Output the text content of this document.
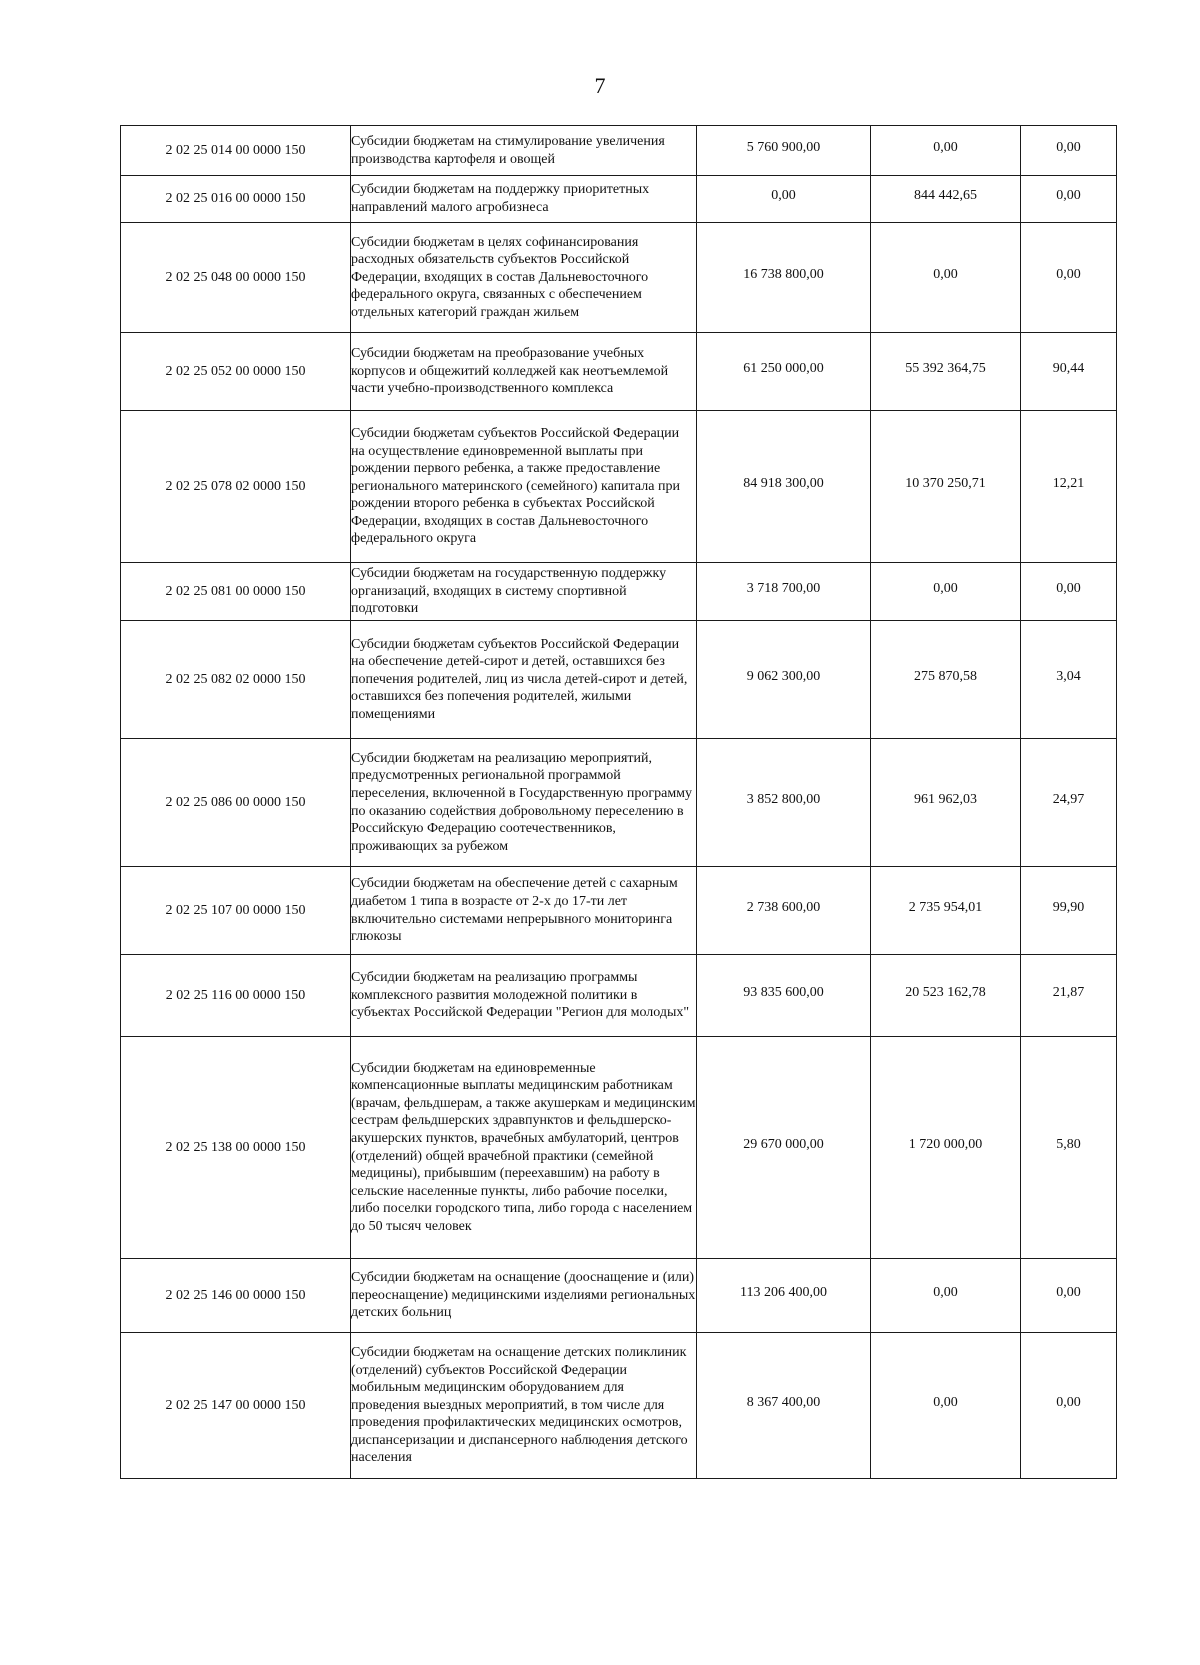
7
2 02 25 014 00 0000 150	Субсидии бюджетам на стимулирование увеличения производства картофеля и овощей	5 760 900,00	0,00	0,00
2 02 25 016 00 0000 150	Субсидии бюджетам на поддержку приоритетных направлений малого агробизнеса	0,00	844 442,65	0,00
2 02 25 048 00 0000 150	Субсидии бюджетам в целях софинансирования расходных обязательств субъектов Российской Федерации, входящих в состав Дальневосточного федерального округа, связанных с обеспечением отдельных категорий граждан жильем	16 738 800,00	0,00	0,00
2 02 25 052 00 0000 150	Субсидии бюджетам на преобразование учебных корпусов и общежитий колледжей как неотъемлемой части учебно-производственного комплекса	61 250 000,00	55 392 364,75	90,44
2 02 25 078 02 0000 150	Субсидии бюджетам субъектов Российской Федерации на осуществление единовременной выплаты при рождении первого ребенка, а также предоставление регионального материнского (семейного) капитала при рождении второго ребенка в субъектах Российской Федерации, входящих в состав Дальневосточного федерального округа	84 918 300,00	10 370 250,71	12,21
2 02 25 081 00 0000 150	Субсидии бюджетам на государственную поддержку организаций, входящих в систему спортивной подготовки	3 718 700,00	0,00	0,00
2 02 25 082 02 0000 150	Субсидии бюджетам субъектов Российской Федерации на обеспечение детей-сирот и детей, оставшихся без попечения родителей, лиц из числа детей-сирот и детей, оставшихся без попечения родителей, жилыми помещениями	9 062 300,00	275 870,58	3,04
2 02 25 086 00 0000 150	Субсидии бюджетам на реализацию мероприятий, предусмотренных региональной программой переселения, включенной в Государственную программу по оказанию содействия добровольному переселению в Российскую Федерацию соотечественников, проживающих за рубежом	3 852 800,00	961 962,03	24,97
2 02 25 107 00 0000 150	Субсидии бюджетам на обеспечение детей с сахарным диабетом 1 типа в возрасте от 2-х до 17-ти лет включительно системами непрерывного мониторинга глюкозы	2 738 600,00	2 735 954,01	99,90
2 02 25 116 00 0000 150	Субсидии бюджетам на реализацию программы комплексного развития молодежной политики в субъектах Российской Федерации "Регион для молодых"	93 835 600,00	20 523 162,78	21,87
2 02 25 138 00 0000 150	Субсидии бюджетам на единовременные компенсационные выплаты медицинским работникам (врачам, фельдшерам, а также акушеркам и медицинским сестрам фельдшерских здравпунктов и фельдшерско-акушерских пунктов, врачебных амбулаторий, центров (отделений) общей врачебной практики (семейной медицины), прибывшим (переехавшим) на работу в сельские населенные пункты, либо рабочие поселки, либо поселки городского типа, либо города с населением до 50 тысяч человек	29 670 000,00	1 720 000,00	5,80
2 02 25 146 00 0000 150	Субсидии бюджетам на оснащение (дооснащение и (или) переоснащение) медицинскими изделиями региональных детских больниц	113 206 400,00	0,00	0,00
2 02 25 147 00 0000 150	Субсидии бюджетам на оснащение детских поликлиник (отделений) субъектов Российской Федерации мобильным медицинским оборудованием для проведения выездных мероприятий, в том числе для проведения профилактических медицинских осмотров, диспансеризации и диспансерного наблюдения детского населения	8 367 400,00	0,00	0,00
